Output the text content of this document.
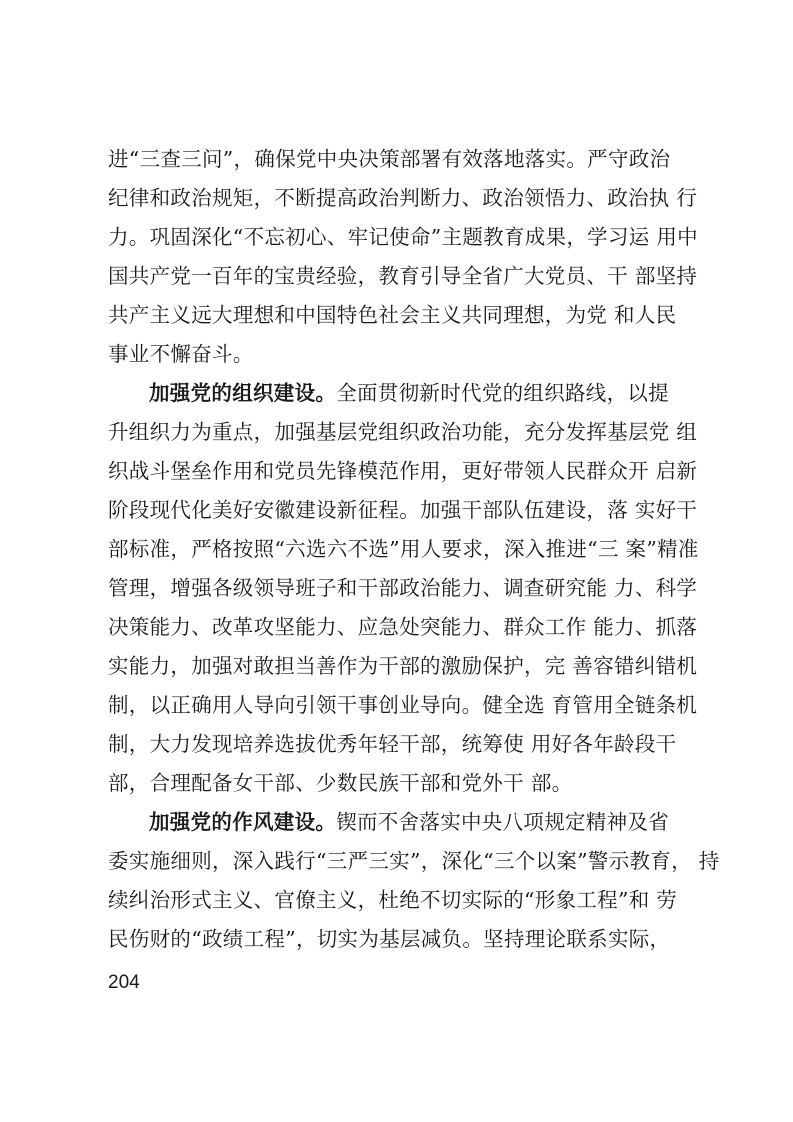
进“三查三问”，确保党中央决策部署有效落地落实。严守政治
纪律和政治规矩，不断提高政治判断力、政治领悟力、政治执 行
力。巩固深化“不忘初心、牢记使命”主题教育成果，学习运 用中
国共产党一百年的宝贵经验，教育引导全省广大党员、干 部坚持
共产主义远大理想和中国特色社会主义共同理想，为党 和人民
事业不懈奋斗。
加强党的组织建设。全面贯彻新时代党的组织路线，以提
升组织力为重点，加强基层党组织政治功能，充分发挥基层党 组
织战斗堡垒作用和党员先锋模范作用，更好带领人民群众开 启新
阶段现代化美好安徽建设新征程。加强干部队伍建设，落 实好干
部标准，严格按照“六选六不选”用人要求，深入推进“三 案”精准
管理，增强各级领导班子和干部政治能力、调查研究能 力、科学
决策能力、改革攻坚能力、应急处突能力、群众工作 能力、抓落
实能力，加强对敢担当善作为干部的激励保护，完 善容错纠错机
制，以正确用人导向引领干事创业导向。健全选 育管用全链条机
制，大力发现培养选拔优秀年轻干部，统筹使 用好各年龄段干
部，合理配备女干部、少数民族干部和党外干 部。
加强党的作风建设。锲而不舍落实中央八项规定精神及省
委实施细则，深入践行“三严三实”，深化“三个以案”警示教育， 持
续纠治形式主义、官僚主义，杜绝不切实际的“形象工程”和 劳
民伤财的“政绩工程”，切实为基层减负。坚持理论联系实际，
204
